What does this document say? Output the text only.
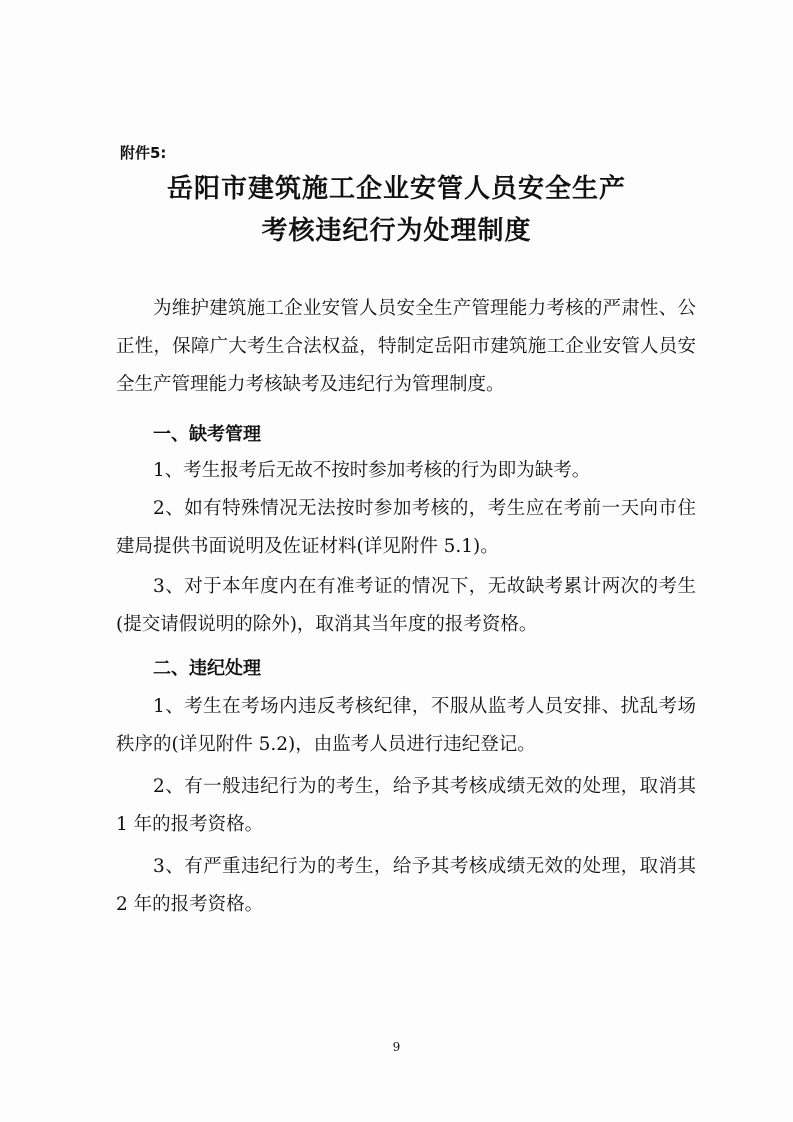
附件5:
岳阳市建筑施工企业安管人员安全生产
考核违纪行为处理制度
为维护建筑施工企业安管人员安全生产管理能力考核的严肃性、公正性，保障广大考生合法权益，特制定岳阳市建筑施工企业安管人员安全生产管理能力考核缺考及违纪行为管理制度。
一、缺考管理
1、考生报考后无故不按时参加考核的行为即为缺考。
2、如有特殊情况无法按时参加考核的，考生应在考前一天向市住建局提供书面说明及佐证材料(详见附件 5.1)。
3、对于本年度内在有准考证的情况下，无故缺考累计两次的考生(提交请假说明的除外)，取消其当年度的报考资格。
二、违纪处理
1、考生在考场内违反考核纪律，不服从监考人员安排、扰乱考场秩序的(详见附件 5.2)，由监考人员进行违纪登记。
2、有一般违纪行为的考生，给予其考核成绩无效的处理，取消其 1 年的报考资格。
3、有严重违纪行为的考生，给予其考核成绩无效的处理，取消其 2 年的报考资格。
9
